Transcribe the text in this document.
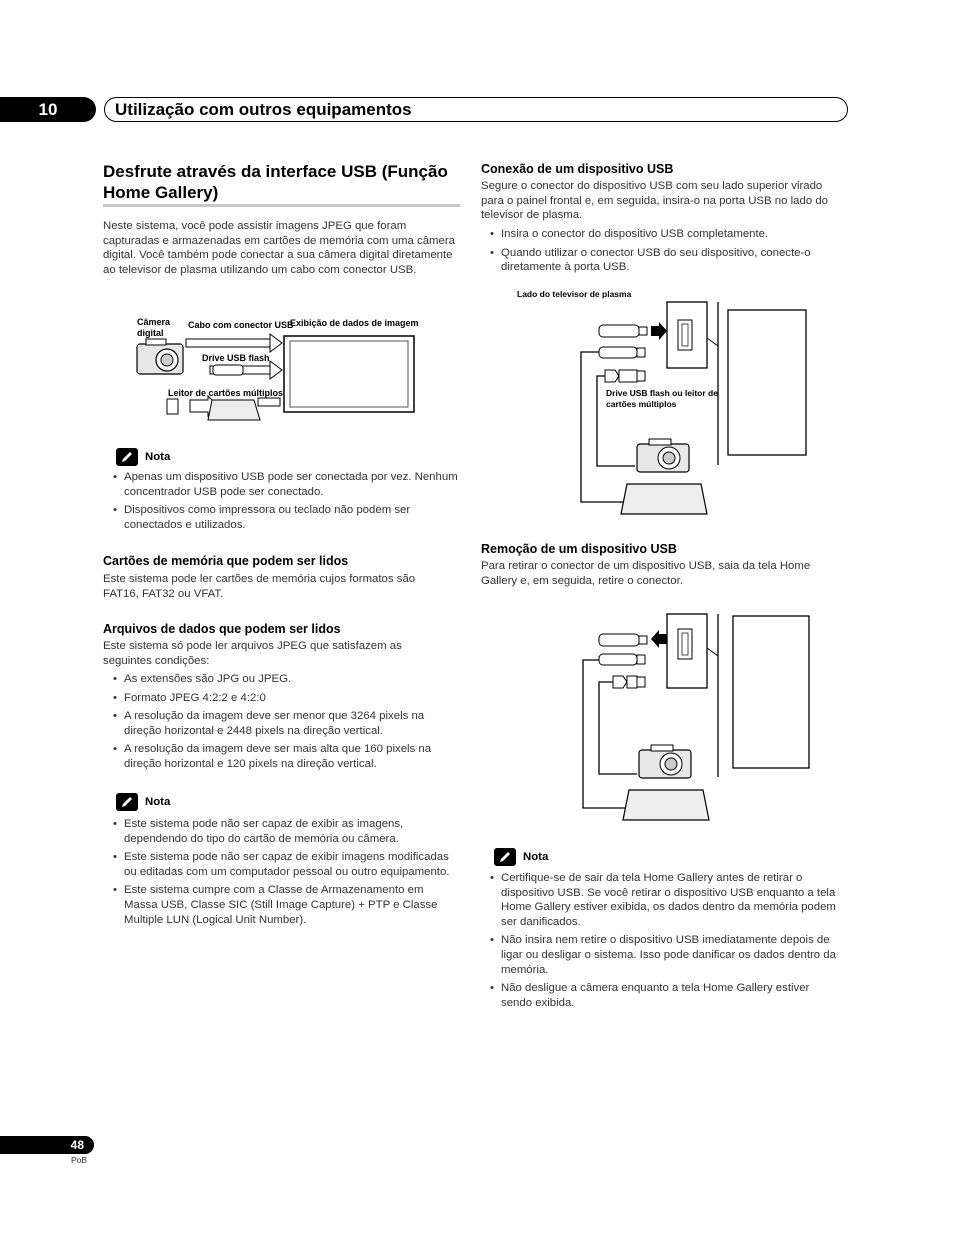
10	Utilização com outros equipamentos
Desfrute através da interface USB (Função Home Gallery)

Neste sistema, você pode assistir imagens JPEG que foram capturadas e armazenadas em cartões de memória com uma câmera digital. Você também pode conectar a sua câmera digital diretamente ao televisor de plasma utilizando um cabo com conector USB.

Câmera digital
Cabo com conector USB
Exibição de dados de imagem
Drive USB flash
Leitor de cartões múltiplos
Nota
• Apenas um dispositivo USB pode ser conectada por vez. Nenhum concentrador USB pode ser conectado.
• Dispositivos como impressora ou teclado não podem ser conectados e utilizados.
Cartões de memória que podem ser lidos

Este sistema pode ler cartões de memória cujos formatos são FAT16, FAT32 ou VFAT.

Arquivos de dados que podem ser lidos

Este sistema só pode ler arquivos JPEG que satisfazem as seguintes condições:

• As extensões são JPG ou JPEG.
• Formato JPEG 4:2:2 e 4:2:0
• A resolução da imagem deve ser menor que 3264 pixels na direção horizontal e 2448 pixels na direção vertical.
• A resolução da imagem deve ser mais alta que 160 pixels na direção horizontal e 120 pixels na direção vertical.
Nota
• Este sistema pode não ser capaz de exibir as imagens, dependendo do tipo do cartão de memória ou câmera.
• Este sistema pode não ser capaz de exibir imagens modificadas ou editadas com um computador pessoal ou outro equipamento.
• Este sistema cumpre com a Classe de Armazenamento em Massa USB, Classe SIC (Still Image Capture) + PTP e Classe Multiple LUN (Logical Unit Number).
Conexão de um dispositivo USB

Segure o conector do dispositivo USB com seu lado superior virado para o painel frontal e, em seguida, insira-o na porta USB no lado do televisor de plasma.

• Insira o conector do dispositivo USB completamente.
• Quando utilizar o conector USB do seu dispositivo, conecte-o diretamente à porta USB.
Lado do televisor de plasma
Drive USB flash ou leitor de cartões múltiplos
Remoção de um dispositivo USB

Para retirar o conector de um dispositivo USB, saia da tela Home Gallery e, em seguida, retire o conector.

Nota
• Certifique-se de sair da tela Home Gallery antes de retirar o dispositivo USB. Se você retirar o dispositivo USB enquanto a tela Home Gallery estiver exibida, os dados dentro da memória podem ser danificados.
• Não insira nem retire o dispositivo USB imediatamente depois de ligar ou desligar o sistema. Isso pode danificar os dados dentro da memória.
• Não desligue a câmera enquanto a tela Home Gallery estiver sendo exibida.
48
PoB
